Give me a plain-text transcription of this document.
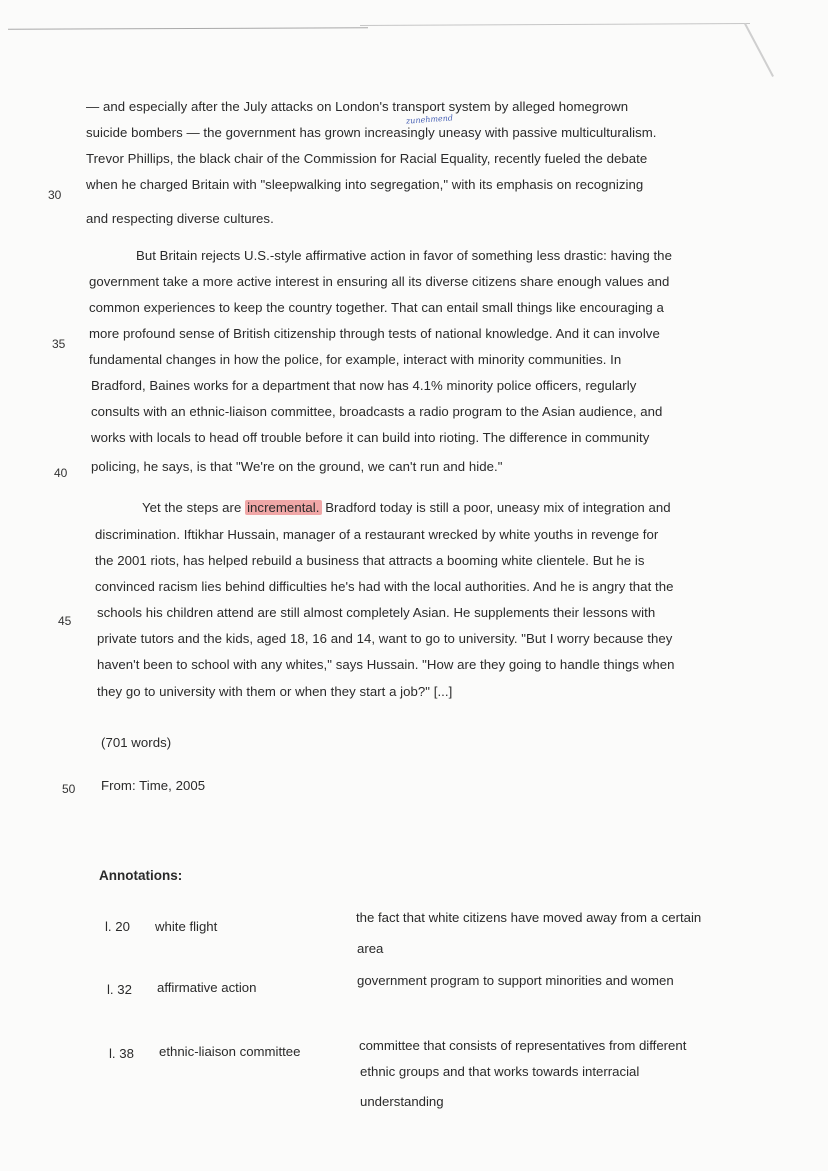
— and especially after the July attacks on London's transport system by alleged homegrown
suicide bombers — the government has grown increasingly uneasy with passive multiculturalism.
Trevor Phillips, the black chair of the Commission for Racial Equality, recently fueled the debate
when he charged Britain with "sleepwalking into segregation," with its emphasis on recognizing
and respecting diverse cultures.
zunehmend
But Britain rejects U.S.-style affirmative action in favor of something less drastic: having the
government take a more active interest in ensuring all its diverse citizens share enough values and
common experiences to keep the country together. That can entail small things like encouraging a
more profound sense of British citizenship through tests of national knowledge. And it can involve
fundamental changes in how the police, for example, interact with minority communities. In
Bradford, Baines works for a department that now has 4.1% minority police officers, regularly
consults with an ethnic-liaison committee, broadcasts a radio program to the Asian audience, and
works with locals to head off trouble before it can build into rioting. The difference in community
policing, he says, is that "We're on the ground, we can't run and hide."
Yet the steps are incremental. Bradford today is still a poor, uneasy mix of integration and
discrimination. Iftikhar Hussain, manager of a restaurant wrecked by white youths in revenge for
the 2001 riots, has helped rebuild a business that attracts a booming white clientele. But he is
convinced racism lies behind difficulties he's had with the local authorities. And he is angry that the
schools his children attend are still almost completely Asian. He supplements their lessons with
private tutors and the kids, aged 18, 16 and 14, want to go to university. "But I worry because they
haven't been to school with any whites," says Hussain. "How are they going to handle things when
they go to university with them or when they start a job?" [...]
(701 words)
From: Time, 2005
30
35
40
45
50
Annotations:
l. 20 white flight
the fact that white citizens have moved away from a certain
area
l. 32 affirmative action	government program to support minorities and women
l. 38 ethnic-liaison committee	committee that consists of representatives from different
ethnic groups and that works towards interracial
understanding
